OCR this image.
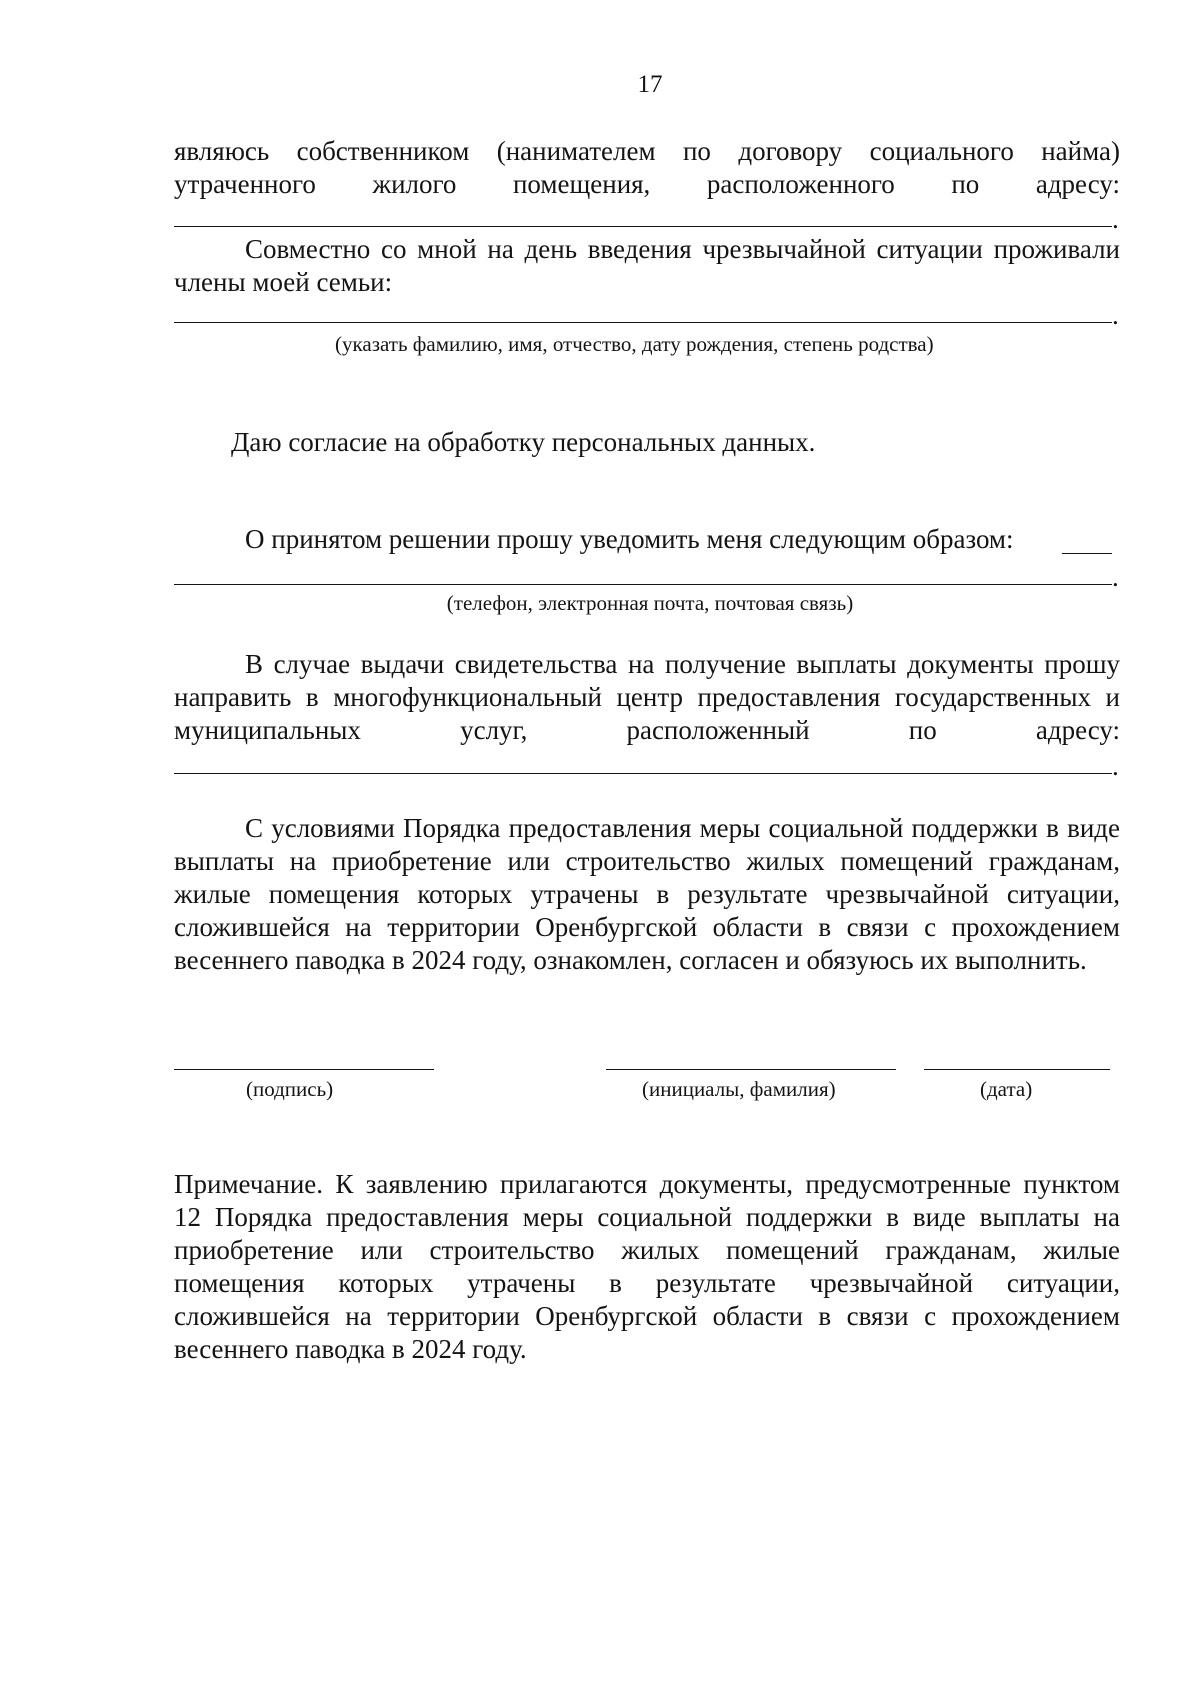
17
являюсь собственником (нанимателем по договору социального найма)
утраченного жилого помещения, расположенного по адресу:
.
Совместно со мной на день введения чрезвычайной ситуации проживали члены моей семьи:
.
(указать фамилию, имя, отчество, дату рождения, степень родства)
Даю согласие на обработку персональных данных.
О принятом решении прошу уведомить меня следующим образом:
.
(телефон, электронная почта, почтовая связь)
В случае выдачи свидетельства на получение выплаты документы прошу направить в многофункциональный центр предоставления государственных и муниципальных услуг, расположенный по адресу:
.
С условиями Порядка предоставления меры социальной поддержки в виде выплаты на приобретение или строительство жилых помещений гражданам, жилые помещения которых утрачены в результате чрезвычайной ситуации, сложившейся на территории Оренбургской области в связи с прохождением весеннего паводка в 2024 году, ознакомлен, согласен и обязуюсь их выполнить.
(подпись)	(инициалы, фамилия)	(дата)
Примечание. К заявлению прилагаются документы, предусмотренные пунктом 12 Порядка предоставления меры социальной поддержки в виде выплаты на приобретение или строительство жилых помещений гражданам, жилые помещения которых утрачены в результате чрезвычайной ситуации, сложившейся на территории Оренбургской области в связи с прохождением весеннего паводка в 2024 году.
